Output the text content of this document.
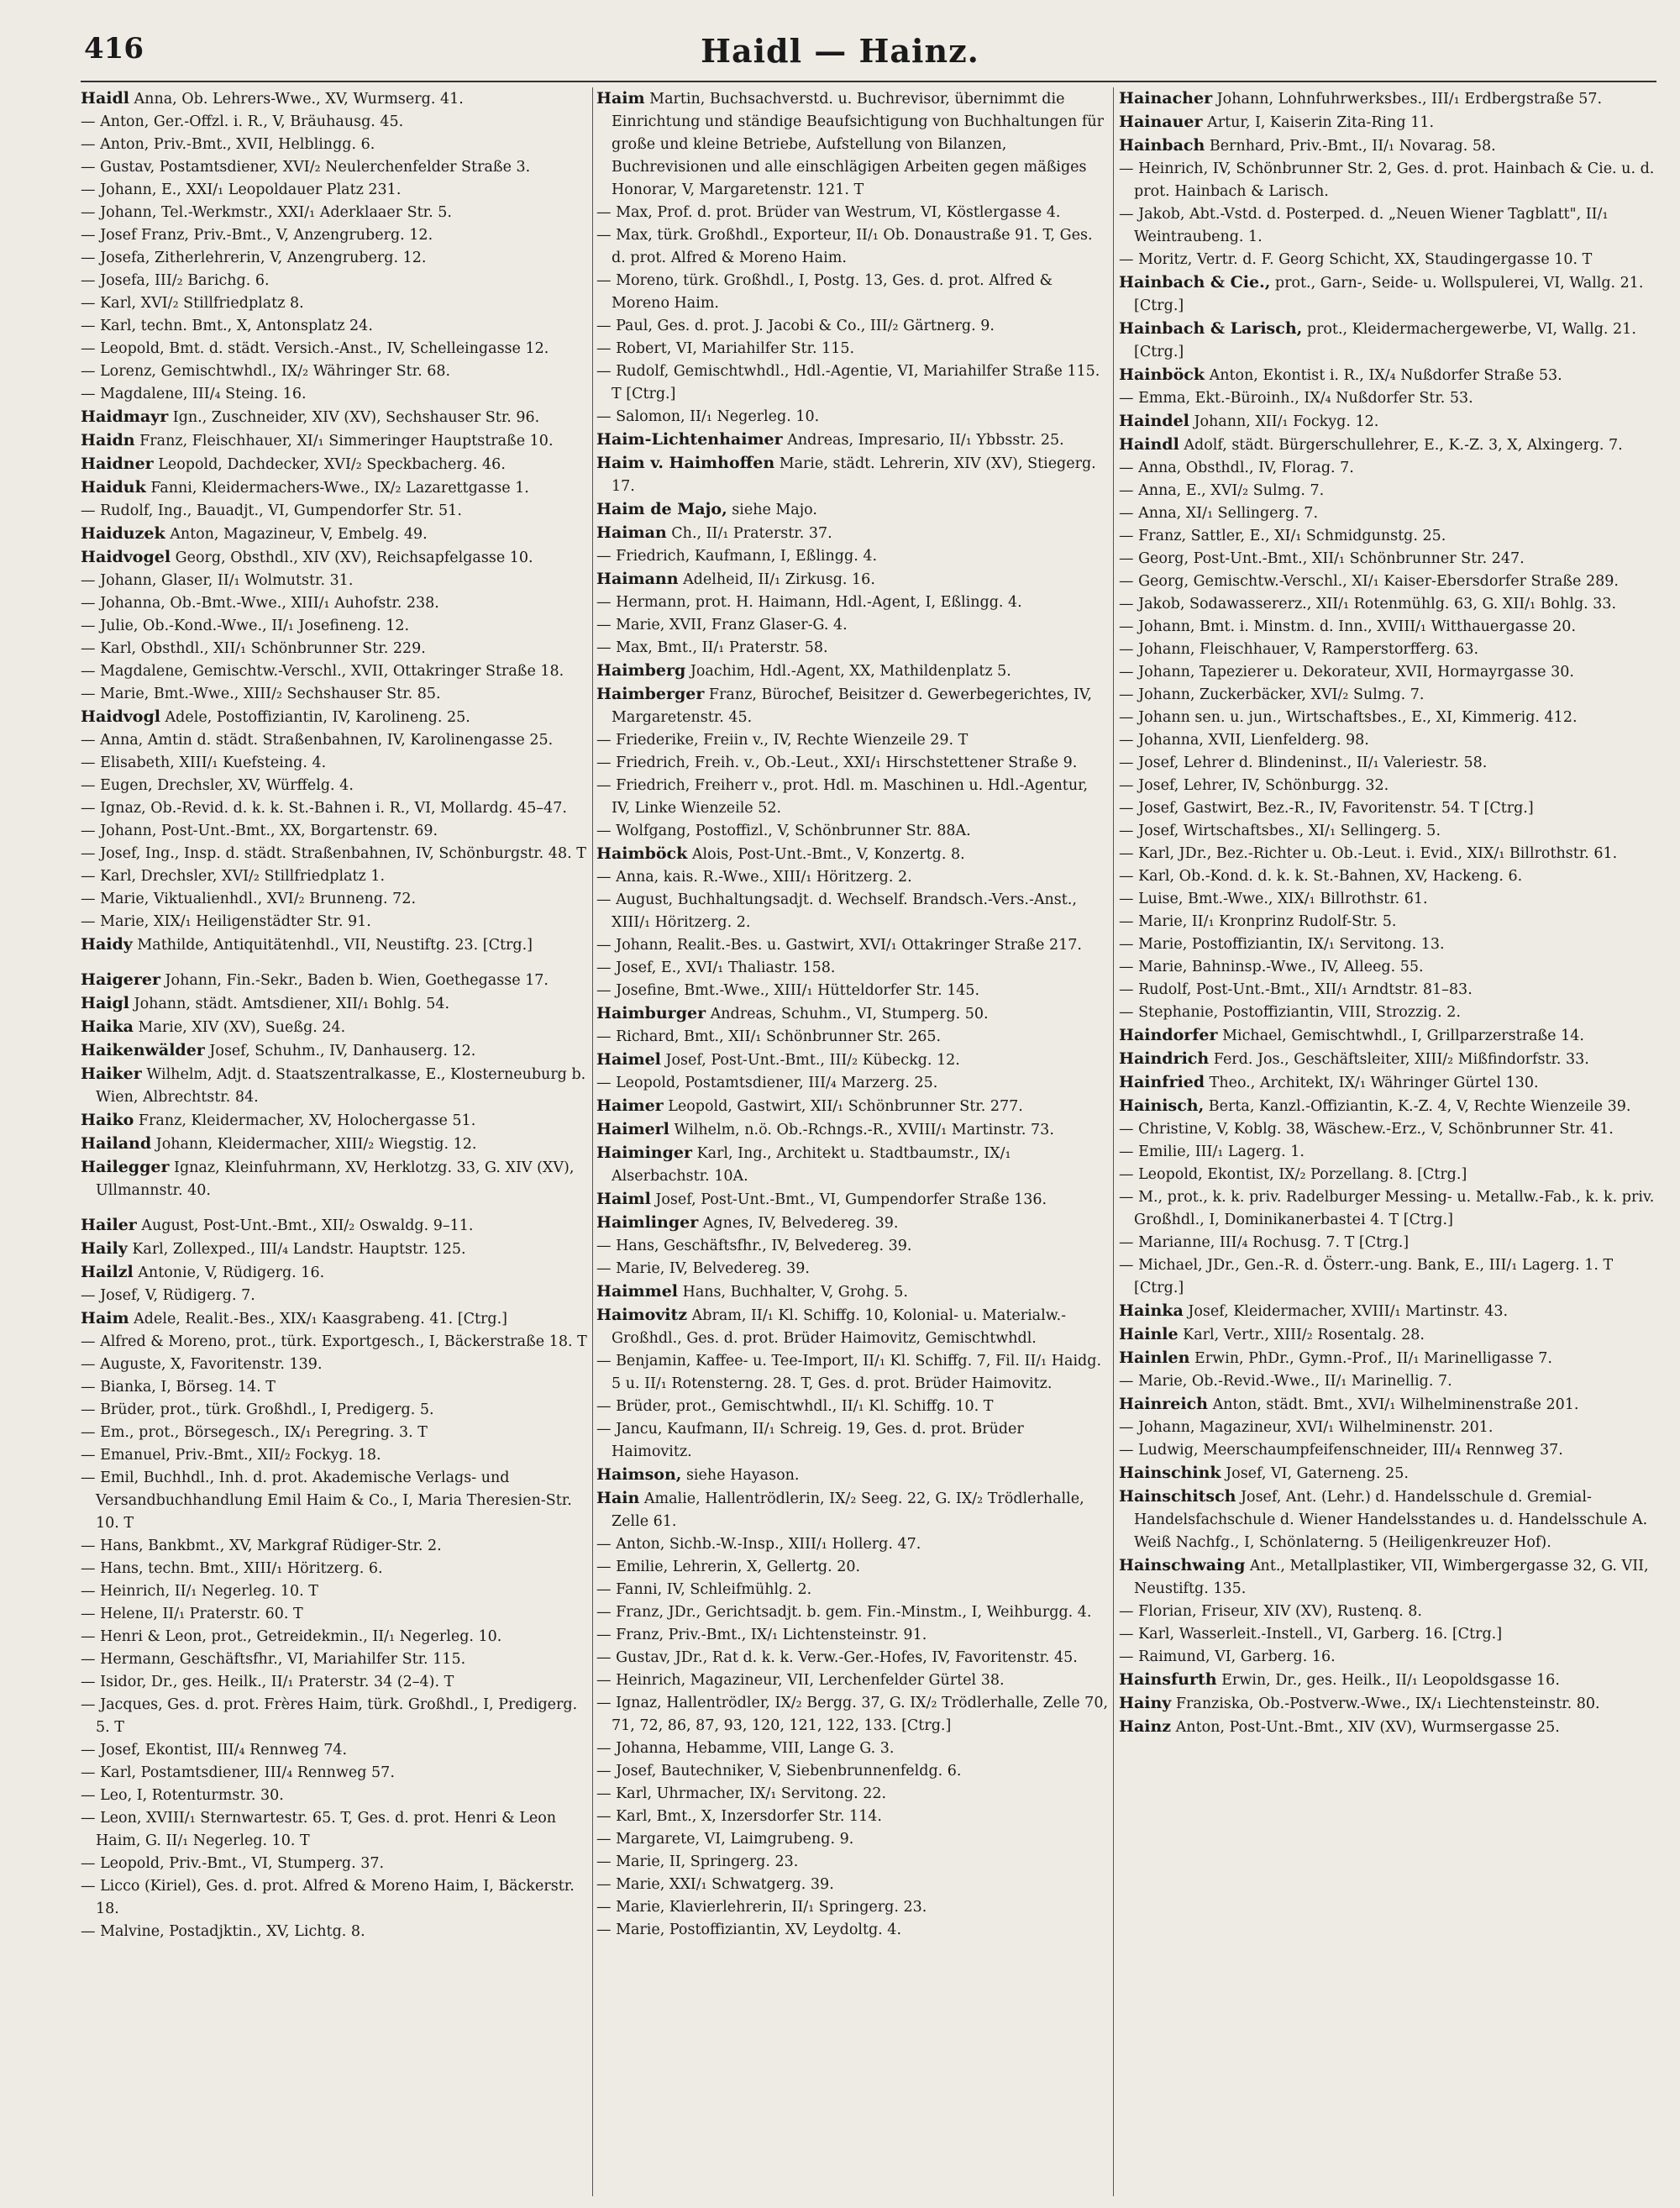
416	Haidl — Hainz.

Haidl Anna, Ob. Lehrers-Wwe., XV, Wurmserg. 41.

— Anton, Ger.-Offzl. i. R., V, Bräuhausg. 45.

— Anton, Priv.-Bmt., XVII, Helblingg. 6.

— Gustav, Postamtsdiener, XVI/₂ Neulerchenfelder Straße 3.

— Johann, E., XXI/₁ Leopoldauer Platz 231.

— Johann, Tel.-Werkmstr., XXI/₁ Aderklaaer Str. 5.

— Josef Franz, Priv.-Bmt., V, Anzengruberg. 12.

— Josefa, Zitherlehrerin, V, Anzengruberg. 12.

— Josefa, III/₂ Barichg. 6.

— Karl, XVI/₂ Stillfriedplatz 8.

— Karl, techn. Bmt., X, Antonsplatz 24.

— Leopold, Bmt. d. städt. Versich.-Anst., IV, Schelleingasse 12.

— Lorenz, Gemischtwhdl., IX/₂ Währinger Str. 68.

— Magdalene, III/₄ Steing. 16.

Haidmayr Ign., Zuschneider, XIV (XV), Sechshauser Str. 96.

Haidn Franz, Fleischhauer, XI/₁ Simmeringer Hauptstraße 10.

Haidner Leopold, Dachdecker, XVI/₂ Speckbacherg. 46.

Haiduk Fanni, Kleidermachers-Wwe., IX/₂ Lazarettgasse 1.

— Rudolf, Ing., Bauadjt., VI, Gumpendorfer Str. 51.

Haiduzek Anton, Magazineur, V, Embelg. 49.

Haidvogel Georg, Obsthdl., XIV (XV), Reichsapfelgasse 10.

— Johann, Glaser, II/₁ Wolmutstr. 31.

— Johanna, Ob.-Bmt.-Wwe., XIII/₁ Auhofstr. 238.

— Julie, Ob.-Kond.-Wwe., II/₁ Josefineng. 12.

— Karl, Obsthdl., XII/₁ Schönbrunner Str. 229.

— Magdalene, Gemischtw.-Verschl., XVII, Ottakringer Straße 18.

— Marie, Bmt.-Wwe., XIII/₂ Sechshauser Str. 85.

Haidvogl Adele, Postoffiziantin, IV, Karolineng. 25.

— Anna, Amtin d. städt. Straßenbahnen, IV, Karolinengasse 25.

— Elisabeth, XIII/₁ Kuefsteing. 4.

— Eugen, Drechsler, XV, Würffelg. 4.

— Ignaz, Ob.-Revid. d. k. k. St.-Bahnen i. R., VI, Mollardg. 45–47.

— Johann, Post-Unt.-Bmt., XX, Borgartenstr. 69.

— Josef, Ing., Insp. d. städt. Straßenbahnen, IV, Schönburgstr. 48. T

— Karl, Drechsler, XVI/₂ Stillfriedplatz 1.

— Marie, Viktualienhdl., XVI/₂ Brunneng. 72.

— Marie, XIX/₁ Heiligenstädter Str. 91.

Haidy Mathilde, Antiquitätenhdl., VII, Neustiftg. 23. [Ctrg.]

Haigerer Johann, Fin.-Sekr., Baden b. Wien, Goethegasse 17.

Haigl Johann, städt. Amtsdiener, XII/₁ Bohlg. 54.

Haika Marie, XIV (XV), Sueßg. 24.

Haikenwälder Josef, Schuhm., IV, Danhauserg. 12.

Haiker Wilhelm, Adjt. d. Staatszentralkasse, E., Klosterneuburg b. Wien, Albrechtstr. 84.

Haiko Franz, Kleidermacher, XV, Holochergasse 51.

Hailand Johann, Kleidermacher, XIII/₂ Wiegstig. 12.

Hailegger Ignaz, Kleinfuhrmann, XV, Herklotzg. 33, G. XIV (XV), Ullmannstr. 40.

Hailer August, Post-Unt.-Bmt., XII/₂ Oswaldg. 9–11.

Haily Karl, Zollexped., III/₄ Landstr. Hauptstr. 125.

Hailzl Antonie, V, Rüdigerg. 16.

— Josef, V, Rüdigerg. 7.

Haim Adele, Realit.-Bes., XIX/₁ Kaasgrabeng. 41. [Ctrg.]

— Alfred & Moreno, prot., türk. Exportgesch., I, Bäckerstraße 18. T

— Auguste, X, Favoritenstr. 139.

— Bianka, I, Börseg. 14. T

— Brüder, prot., türk. Großhdl., I, Predigerg. 5.

— Em., prot., Börsegesch., IX/₁ Peregring. 3. T

— Emanuel, Priv.-Bmt., XII/₂ Fockyg. 18.

— Emil, Buchhdl., Inh. d. prot. Akademische Verlags- und Versandbuchhandlung Emil Haim & Co., I, Maria Theresien-Str. 10. T

— Hans, Bankbmt., XV, Markgraf Rüdiger-Str. 2.

— Hans, techn. Bmt., XIII/₁ Höritzerg. 6.

— Heinrich, II/₁ Negerleg. 10. T

— Helene, II/₁ Praterstr. 60. T

— Henri & Leon, prot., Getreidekmin., II/₁ Negerleg. 10.

— Hermann, Geschäftsfhr., VI, Mariahilfer Str. 115.

— Isidor, Dr., ges. Heilk., II/₁ Praterstr. 34 (2–4). T

— Jacques, Ges. d. prot. Frères Haim, türk. Großhdl., I, Predigerg. 5. T

— Josef, Ekontist, III/₄ Rennweg 74.

— Karl, Postamtsdiener, III/₄ Rennweg 57.

— Leo, I, Rotenturmstr. 30.

— Leon, XVIII/₁ Sternwartestr. 65. T, Ges. d. prot. Henri & Leon Haim, G. II/₁ Negerleg. 10. T

— Leopold, Priv.-Bmt., VI, Stumperg. 37.

— Licco (Kiriel), Ges. d. prot. Alfred & Moreno Haim, I, Bäckerstr. 18.

— Malvine, Postadjktin., XV, Lichtg. 8.

Haim Martin, Buchsachverstd. u. Buchrevisor, übernimmt die Einrichtung und ständige Beaufsichtigung von Buchhaltungen für große und kleine Betriebe, Aufstellung von Bilanzen, Buchrevisionen und alle einschlägigen Arbeiten gegen mäßiges Honorar, V, Margaretenstr. 121. T

— Max, Prof. d. prot. Brüder van Westrum, VI, Köstlergasse 4.

— Max, türk. Großhdl., Exporteur, II/₁ Ob. Donaustraße 91. T, Ges. d. prot. Alfred & Moreno Haim.

— Moreno, türk. Großhdl., I, Postg. 13, Ges. d. prot. Alfred & Moreno Haim.

— Paul, Ges. d. prot. J. Jacobi & Co., III/₂ Gärtnerg. 9.

— Robert, VI, Mariahilfer Str. 115.

— Rudolf, Gemischtwhdl., Hdl.-Agentie, VI, Mariahilfer Straße 115. T [Ctrg.]

— Salomon, II/₁ Negerleg. 10.

Haim-Lichtenhaimer Andreas, Impresario, II/₁ Ybbsstr. 25.

Haim v. Haimhoffen Marie, städt. Lehrerin, XIV (XV), Stiegerg. 17.

Haim de Majo, siehe Majo.

Haiman Ch., II/₁ Praterstr. 37.

— Friedrich, Kaufmann, I, Eßlingg. 4.

Haimann Adelheid, II/₁ Zirkusg. 16.

— Hermann, prot. H. Haimann, Hdl.-Agent, I, Eßlingg. 4.

— Marie, XVII, Franz Glaser-G. 4.

— Max, Bmt., II/₁ Praterstr. 58.

Haimberg Joachim, Hdl.-Agent, XX, Mathildenplatz 5.

Haimberger Franz, Bürochef, Beisitzer d. Gewerbegerichtes, IV, Margaretenstr. 45.

— Friederike, Freiin v., IV, Rechte Wienzeile 29. T

— Friedrich, Freih. v., Ob.-Leut., XXI/₁ Hirschstettener Straße 9.

— Friedrich, Freiherr v., prot. Hdl. m. Maschinen u. Hdl.-Agentur, IV, Linke Wienzeile 52.

— Wolfgang, Postoffizl., V, Schönbrunner Str. 88A.

Haimböck Alois, Post-Unt.-Bmt., V, Konzertg. 8.

— Anna, kais. R.-Wwe., XIII/₁ Höritzerg. 2.

— August, Buchhaltungsadjt. d. Wechself. Brandsch.-Vers.-Anst., XIII/₁ Höritzerg. 2.

— Johann, Realit.-Bes. u. Gastwirt, XVI/₁ Ottakringer Straße 217.

— Josef, E., XVI/₁ Thaliastr. 158.

— Josefine, Bmt.-Wwe., XIII/₁ Hütteldorfer Str. 145.

Haimburger Andreas, Schuhm., VI, Stumperg. 50.

— Richard, Bmt., XII/₁ Schönbrunner Str. 265.

Haimel Josef, Post-Unt.-Bmt., III/₂ Kübeckg. 12.

— Leopold, Postamtsdiener, III/₄ Marzerg. 25.

Haimer Leopold, Gastwirt, XII/₁ Schönbrunner Str. 277.

Haimerl Wilhelm, n.ö. Ob.-Rchngs.-R., XVIII/₁ Martinstr. 73.

Haiminger Karl, Ing., Architekt u. Stadtbaumstr., IX/₁ Alserbachstr. 10A.

Haiml Josef, Post-Unt.-Bmt., VI, Gumpendorfer Straße 136.

Haimlinger Agnes, IV, Belvedereg. 39.

— Hans, Geschäftsfhr., IV, Belvedereg. 39.

— Marie, IV, Belvedereg. 39.

Haimmel Hans, Buchhalter, V, Grohg. 5.

Haimovitz Abram, II/₁ Kl. Schiffg. 10, Kolonial- u. Materialw.-Großhdl., Ges. d. prot. Brüder Haimovitz, Gemischtwhdl.

— Benjamin, Kaffee- u. Tee-Import, II/₁ Kl. Schiffg. 7, Fil. II/₁ Haidg. 5 u. II/₁ Rotensterng. 28. T, Ges. d. prot. Brüder Haimovitz.

— Brüder, prot., Gemischtwhdl., II/₁ Kl. Schiffg. 10. T

— Jancu, Kaufmann, II/₁ Schreig. 19, Ges. d. prot. Brüder Haimovitz.

Haimson, siehe Hayason.

Hain Amalie, Hallentrödlerin, IX/₂ Seeg. 22, G. IX/₂ Trödlerhalle, Zelle 61.

— Anton, Sichb.-W.-Insp., XIII/₁ Hollerg. 47.

— Emilie, Lehrerin, X, Gellertg. 20.

— Fanni, IV, Schleifmühlg. 2.

— Franz, JDr., Gerichtsadjt. b. gem. Fin.-Minstm., I, Weihburgg. 4.

— Franz, Priv.-Bmt., IX/₁ Lichtensteinstr. 91.

— Gustav, JDr., Rat d. k. k. Verw.-Ger.-Hofes, IV, Favoritenstr. 45.

— Heinrich, Magazineur, VII, Lerchenfelder Gürtel 38.

— Ignaz, Hallentrödler, IX/₂ Bergg. 37, G. IX/₂ Trödlerhalle, Zelle 70, 71, 72, 86, 87, 93, 120, 121, 122, 133. [Ctrg.]

— Johanna, Hebamme, VIII, Lange G. 3.

— Josef, Bautechniker, V, Siebenbrunnenfeldg. 6.

— Karl, Uhrmacher, IX/₁ Servitong. 22.

— Karl, Bmt., X, Inzersdorfer Str. 114.

— Margarete, VI, Laimgrubeng. 9.

— Marie, II, Springerg. 23.

— Marie, XXI/₁ Schwatgerg. 39.

— Marie, Klavierlehrerin, II/₁ Springerg. 23.

— Marie, Postoffiziantin, XV, Leydoltg. 4.

Hainacher Johann, Lohnfuhrwerksbes., III/₁ Erdbergstraße 57.

Hainauer Artur, I, Kaiserin Zita-Ring 11.

Hainbach Bernhard, Priv.-Bmt., II/₁ Novarag. 58.

— Heinrich, IV, Schönbrunner Str. 2, Ges. d. prot. Hainbach & Cie. u. d. prot. Hainbach & Larisch.

— Jakob, Abt.-Vstd. d. Posterped. d. „Neuen Wiener Tagblatt", II/₁ Weintraubeng. 1.

— Moritz, Vertr. d. F. Georg Schicht, XX, Staudingergasse 10. T

Hainbach & Cie., prot., Garn-, Seide- u. Wollspulerei, VI, Wallg. 21. [Ctrg.]

Hainbach & Larisch, prot., Kleidermachergewerbe, VI, Wallg. 21. [Ctrg.]

Hainböck Anton, Ekontist i. R., IX/₄ Nußdorfer Straße 53.

— Emma, Ekt.-Büroinh., IX/₄ Nußdorfer Str. 53.

Haindel Johann, XII/₁ Fockyg. 12.

Haindl Adolf, städt. Bürgerschullehrer, E., K.-Z. 3, X, Alxingerg. 7.

— Anna, Obsthdl., IV, Florag. 7.

— Anna, E., XVI/₂ Sulmg. 7.

— Anna, XI/₁ Sellingerg. 7.

— Franz, Sattler, E., XI/₁ Schmidgunstg. 25.

— Georg, Post-Unt.-Bmt., XII/₁ Schönbrunner Str. 247.

— Georg, Gemischtw.-Verschl., XI/₁ Kaiser-Ebersdorfer Straße 289.

— Jakob, Sodawassererz., XII/₁ Rotenmühlg. 63, G. XII/₁ Bohlg. 33.

— Johann, Bmt. i. Minstm. d. Inn., XVIII/₁ Witthauergasse 20.

— Johann, Fleischhauer, V, Ramperstorfferg. 63.

— Johann, Tapezierer u. Dekorateur, XVII, Hormayrgasse 30.

— Johann, Zuckerbäcker, XVI/₂ Sulmg. 7.

— Johann sen. u. jun., Wirtschaftsbes., E., XI, Kimmerig. 412.

— Johanna, XVII, Lienfelderg. 98.

— Josef, Lehrer d. Blindeninst., II/₁ Valeriestr. 58.

— Josef, Lehrer, IV, Schönburgg. 32.

— Josef, Gastwirt, Bez.-R., IV, Favoritenstr. 54. T [Ctrg.]

— Josef, Wirtschaftsbes., XI/₁ Sellingerg. 5.

— Karl, JDr., Bez.-Richter u. Ob.-Leut. i. Evid., XIX/₁ Billrothstr. 61.

— Karl, Ob.-Kond. d. k. k. St.-Bahnen, XV, Hackeng. 6.

— Luise, Bmt.-Wwe., XIX/₁ Billrothstr. 61.

— Marie, II/₁ Kronprinz Rudolf-Str. 5.

— Marie, Postoffiziantin, IX/₁ Servitong. 13.

— Marie, Bahninsp.-Wwe., IV, Alleeg. 55.

— Rudolf, Post-Unt.-Bmt., XII/₁ Arndtstr. 81–83.

— Stephanie, Postoffiziantin, VIII, Strozzig. 2.

Haindorfer Michael, Gemischtwhdl., I, Grillparzerstraße 14.

Haindrich Ferd. Jos., Geschäftsleiter, XIII/₂ Mißfindorfstr. 33.

Hainfried Theo., Architekt, IX/₁ Währinger Gürtel 130.

Hainisch, Berta, Kanzl.-Offiziantin, K.-Z. 4, V, Rechte Wienzeile 39.

— Christine, V, Koblg. 38, Wäschew.-Erz., V, Schönbrunner Str. 41.

— Emilie, III/₁ Lagerg. 1.

— Leopold, Ekontist, IX/₂ Porzellang. 8. [Ctrg.]

— M., prot., k. k. priv. Radelburger Messing- u. Metallw.-Fab., k. k. priv. Großhdl., I, Dominikanerbastei 4. T [Ctrg.]

— Marianne, III/₄ Rochusg. 7. T [Ctrg.]

— Michael, JDr., Gen.-R. d. Österr.-ung. Bank, E., III/₁ Lagerg. 1. T [Ctrg.]

Hainka Josef, Kleidermacher, XVIII/₁ Martinstr. 43.

Hainle Karl, Vertr., XIII/₂ Rosentalg. 28.

Hainlen Erwin, PhDr., Gymn.-Prof., II/₁ Marinelligasse 7.

— Marie, Ob.-Revid.-Wwe., II/₁ Marinellig. 7.

Hainreich Anton, städt. Bmt., XVI/₁ Wilhelminenstraße 201.

— Johann, Magazineur, XVI/₁ Wilhelminenstr. 201.

— Ludwig, Meerschaumpfeifenschneider, III/₄ Rennweg 37.

Hainschink Josef, VI, Gaterneng. 25.

Hainschitsch Josef, Ant. (Lehr.) d. Handelsschule d. Gremial-Handelsfachschule d. Wiener Handelsstandes u. d. Handelsschule A. Weiß Nachfg., I, Schönlaterng. 5 (Heiligenkreuzer Hof).

Hainschwaing Ant., Metallplastiker, VII, Wimbergergasse 32, G. VII, Neustiftg. 135.

— Florian, Friseur, XIV (XV), Rustenq. 8.

— Karl, Wasserleit.-Instell., VI, Garberg. 16. [Ctrg.]

— Raimund, VI, Garberg. 16.

Hainsfurth Erwin, Dr., ges. Heilk., II/₁ Leopoldsgasse 16.

Hainy Franziska, Ob.-Postverw.-Wwe., IX/₁ Liechtensteinstr. 80.

Hainz Anton, Post-Unt.-Bmt., XIV (XV), Wurmsergasse 25.
